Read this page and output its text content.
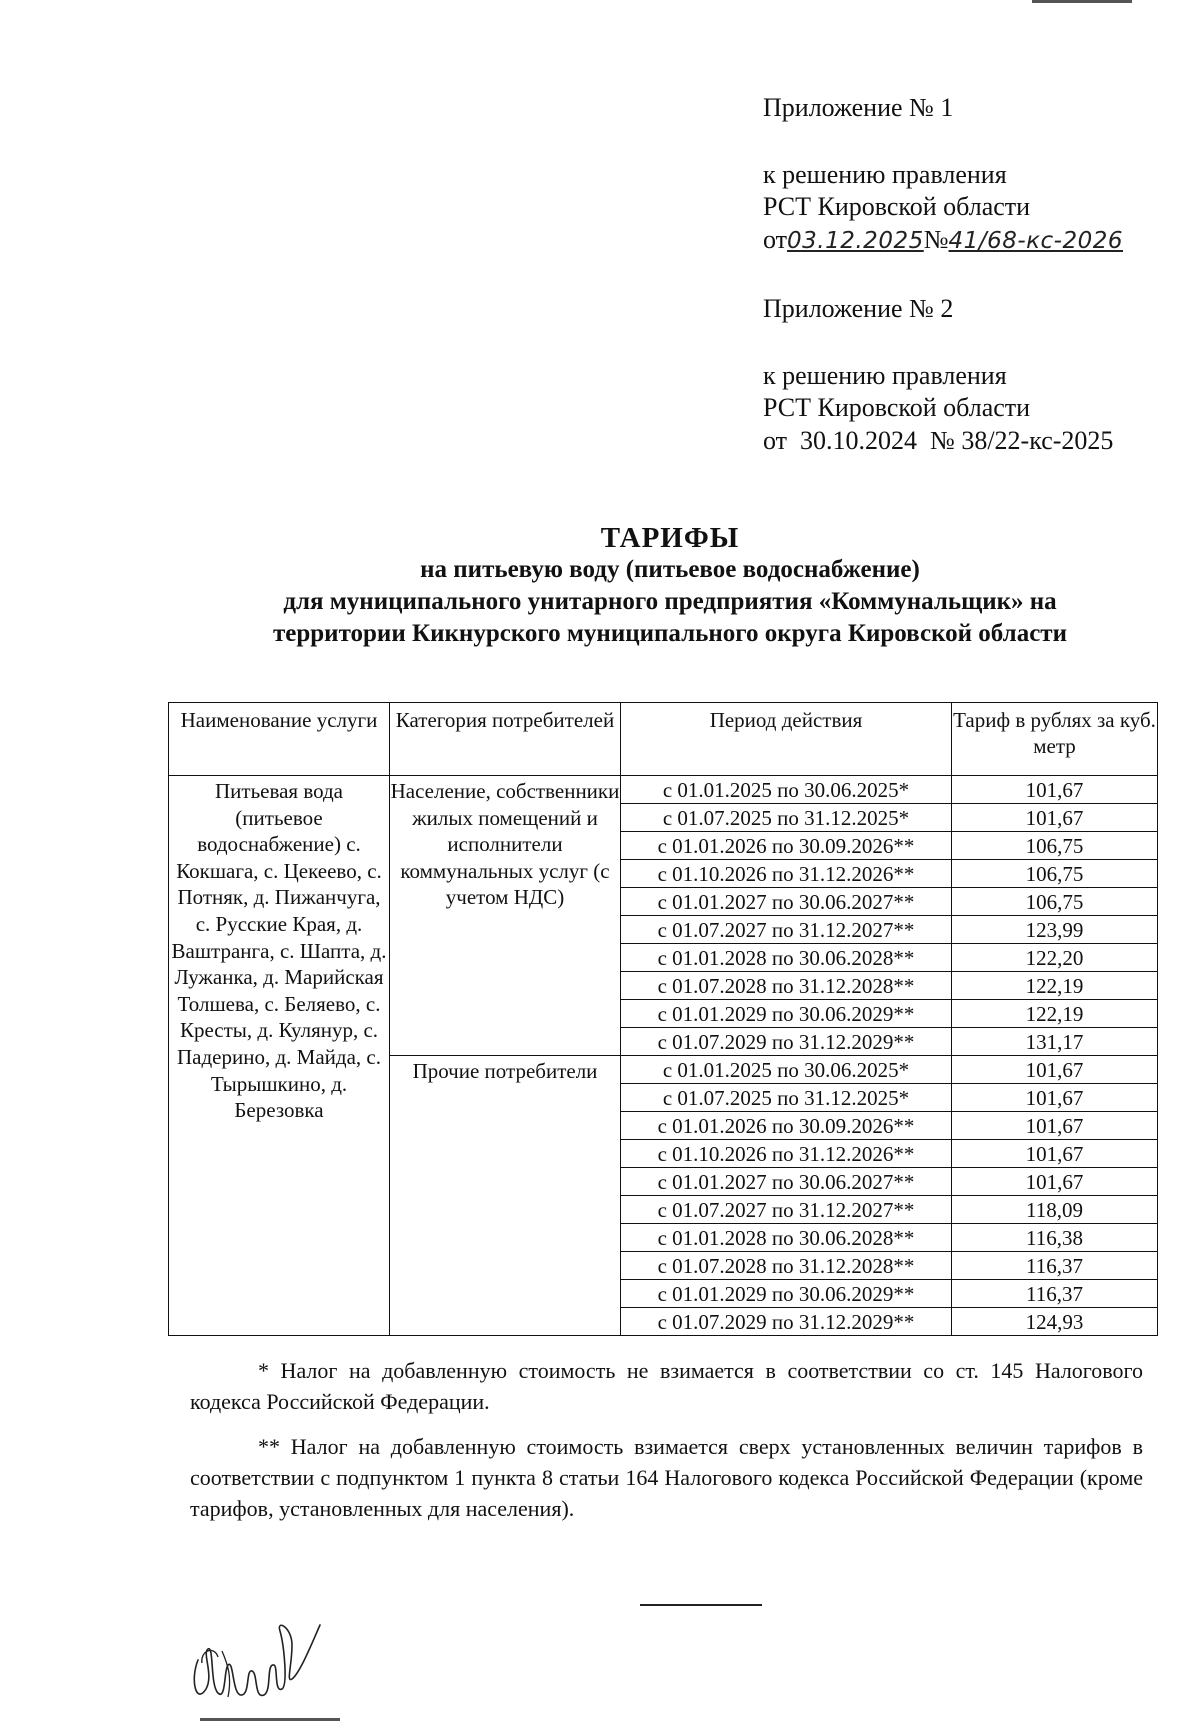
Приложение № 1
к решению правления
РСТ Кировской области
от03.12.2025№41/68-кс-2026
Приложение № 2
к решению правления
РСТ Кировской области
от  30.10.2024  № 38/22-кс-2025
ТАРИФЫ
на питьевую воду (питьевое водоснабжение)
для муниципального унитарного предприятия «Коммунальщик» на
территории Кикнурского муниципального округа Кировской области
Наименование услуги	Категория потребителей	Период действия	Тариф в рублях за куб. метр
Питьевая вода (питьевое водоснабжение) с. Кокшага, с. Цекеево, с. Потняк, д. Пижанчуга, с. Русские Края, д. Ваштранга, с. Шапта, д. Лужанка, д. Марийская Толшева, с. Беляево, с. Кресты, д. Кулянур, с. Падерино, д. Майда, с. Тырышкино, д. Березовка	Население, собственники жилых помещений и исполнители коммунальных услуг (с учетом НДС)	с 01.01.2025 по 30.06.2025*	101,67
		с 01.07.2025 по 31.12.2025*	101,67
		с 01.01.2026 по 30.09.2026**	106,75
		с 01.10.2026 по 31.12.2026**	106,75
		с 01.01.2027 по 30.06.2027**	106,75
		с 01.07.2027 по 31.12.2027**	123,99
		с 01.01.2028 по 30.06.2028**	122,20
		с 01.07.2028 по 31.12.2028**	122,19
		с 01.01.2029 по 30.06.2029**	122,19
		с 01.07.2029 по 31.12.2029**	131,17
	Прочие потребители	с 01.01.2025 по 30.06.2025*	101,67
		с 01.07.2025 по 31.12.2025*	101,67
		с 01.01.2026 по 30.09.2026**	101,67
		с 01.10.2026 по 31.12.2026**	101,67
		с 01.01.2027 по 30.06.2027**	101,67
		с 01.07.2027 по 31.12.2027**	118,09
		с 01.01.2028 по 30.06.2028**	116,38
		с 01.07.2028 по 31.12.2028**	116,37
		с 01.01.2029 по 30.06.2029**	116,37
		с 01.07.2029 по 31.12.2029**	124,93

* Налог на добавленную стоимость не взимается в соответствии со ст. 145 Налогового кодекса Российской Федерации.

** Налог на добавленную стоимость взимается сверх установленных величин тарифов в соответствии с подпунктом 1 пункта 8 статьи 164 Налогового кодекса Российской Федерации (кроме тарифов, установленных для населения).
